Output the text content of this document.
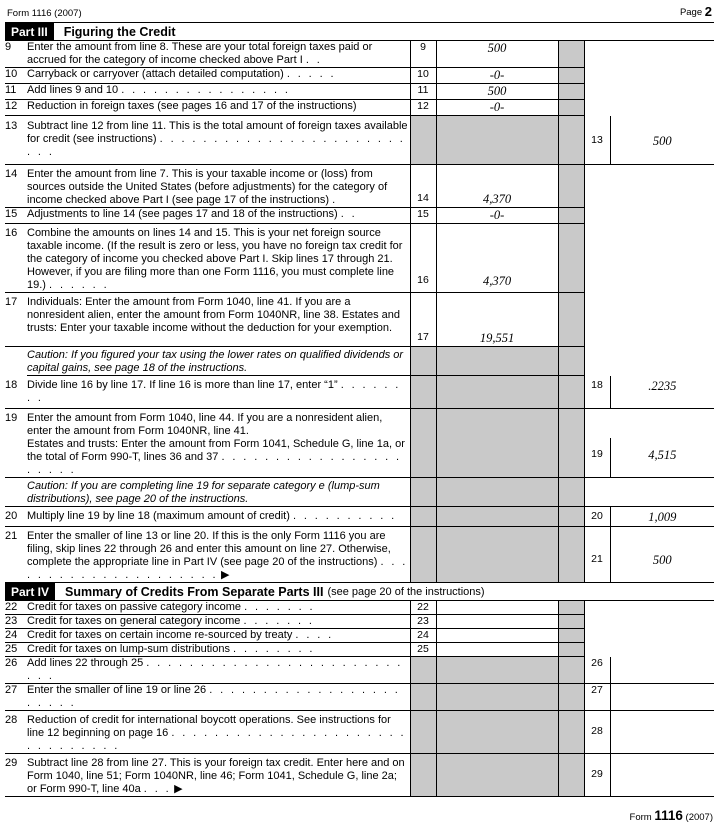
Form 1116 (2007)	Page 2
Part III	Figuring the Credit
9	Enter the amount from line 8. These are your total foreign taxes paid or accrued for the category of income checked above Part I . .	9	500			
10	Carryback or carryover (attach detailed computation) . . . . .	10	-0-			
11	Add lines 9 and 10 . . . . . . . . . . . . . . . .	11	500			
12	Reduction in foreign taxes (see pages 16 and 17 of the instructions)	12	-0-			
13	Subtract line 12 from line 11. This is the total amount of foreign taxes available for credit (see instructions) . . . . . . . . . . . . . . . . . . . . . . . . . .				13	500
14	Enter the amount from line 7. This is your taxable income or (loss) from sources outside the United States (before adjustments) for the category of income checked above Part I (see page 17 of the instructions) .	14	4,370			
15	Adjustments to line 14 (see pages 17 and 18 of the instructions) . .	15	-0-			
16	Combine the amounts on lines 14 and 15. This is your net foreign source taxable income. (If the result is zero or less, you have no foreign tax credit for the category of income you checked above Part I. Skip lines 17 through 21. However, if you are filing more than one Form 1116, you must complete line 19.) . . . . . .	16	4,370			
17	Individuals: Enter the amount from Form 1040, line 41. If you are a nonresident alien, enter the amount from Form 1040NR, line 38. Estates and trusts: Enter your taxable income without the deduction for your exemption.	17	19,551			
	Caution: If you figured your tax using the lower rates on qualified dividends or capital gains, see page 18 of the instructions.					
18	Divide line 16 by line 17. If line 16 is more than line 17, enter “1” . . . . . . . .				18	.2235
19	Enter the amount from Form 1040, line 44. If you are a nonresident alien, enter the amount from Form 1040NR, line 41.					
	Estates and trusts: Enter the amount from Form 1041, Schedule G, line 1a, or the total of Form 990-T, lines 36 and 37 . . . . . . . . . . . . . . . . . . . . . .				19	4,515
	Caution: If you are completing line 19 for separate category e (lump-sum distributions), see page 20 of the instructions.					
20	Multiply line 19 by line 18 (maximum amount of credit) . . . . . . . . . .				20	1,009
21	Enter the smaller of line 13 or line 20. If this is the only Form 1116 you are filing, skip lines 22 through 26 and enter this amount on line 27. Otherwise, complete the appropriate line in Part IV (see page 20 of the instructions) . . . . . . . . . . . . . . . . . . . . . ▶				21	500
Part IV	Summary of Credits From Separate Parts III (see page 20 of the instructions)
22	Credit for taxes on passive category income . . . . . . .	22				
23	Credit for taxes on general category income . . . . . . .	23				
24	Credit for taxes on certain income re-sourced by treaty . . . .	24				
25	Credit for taxes on lump-sum distributions . . . . . . . .	25				
26	Add lines 22 through 25 . . . . . . . . . . . . . . . . . . . . . . . . . . .				26	
27	Enter the smaller of line 19 or line 26 . . . . . . . . . . . . . . . . . . . . . . .				27	
28	Reduction of credit for international boycott operations. See instructions for line 12 beginning on page 16 . . . . . . . . . . . . . . . . . . . . . . . . . . . . . . .				28	
29	Subtract line 28 from line 27. This is your foreign tax credit. Enter here and on Form 1040, line 51; Form 1040NR, line 46; Form 1041, Schedule G, line 2a; or Form 990-T, line 40a . . . ▶				29	
Form 1116 (2007)
